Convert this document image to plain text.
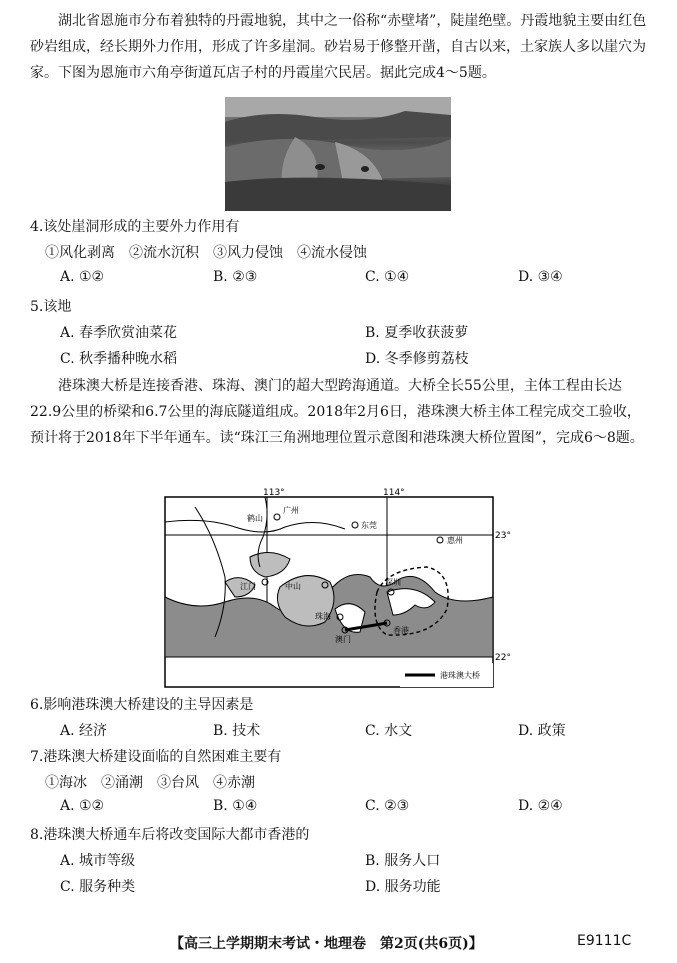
湖北省恩施市分布着独特的丹霞地貌，其中之一俗称“赤壁堵”，陡崖绝壁。丹霞地貌主要由红色砂岩组成，经长期外力作用，形成了许多崖洞。砂岩易于修整开凿，自古以来，土家族人多以崖穴为家。下图为恩施市六角亭街道瓦店子村的丹霞崖穴民居。据此完成4～5题。

4.该处崖洞形成的主要外力作用有
①风化剥离　②流水沉积　③风力侵蚀　④流水侵蚀
A. ①②	B. ②③	C. ①④	D. ③④
5.该地
A. 春季欣赏油菜花	B. 夏季收获菠萝
C. 秋季播种晚水稻	D. 冬季修剪荔枝

港珠澳大桥是连接香港、珠海、澳门的超大型跨海通道。大桥全长55公里，主体工程由长达22.9公里的桥梁和6.7公里的海底隧道组成。2018年2月6日，港珠澳大桥主体工程完成交工验收，预计将于2018年下半年通车。读“珠江三角洲地理位置示意图和港珠澳大桥位置图”，完成6～8题。

113°	114°
23°
22°
鹤山
广州
东莞
惠州
江门	中山	深圳
珠海
澳门
香港
港珠澳大桥
6.影响港珠澳大桥建设的主导因素是
A. 经济	B. 技术	C. 水文	D. 政策
7.港珠澳大桥建设面临的自然困难主要有
①海冰　②涌潮　③台风　④赤潮
A. ①②	B. ①④	C. ②③	D. ②④
8.港珠澳大桥通车后将改变国际大都市香港的
A. 城市等级	B. 服务人口
C. 服务种类	D. 服务功能
【高三上学期期末考试・地理卷　第2页(共6页)】	E9111C
